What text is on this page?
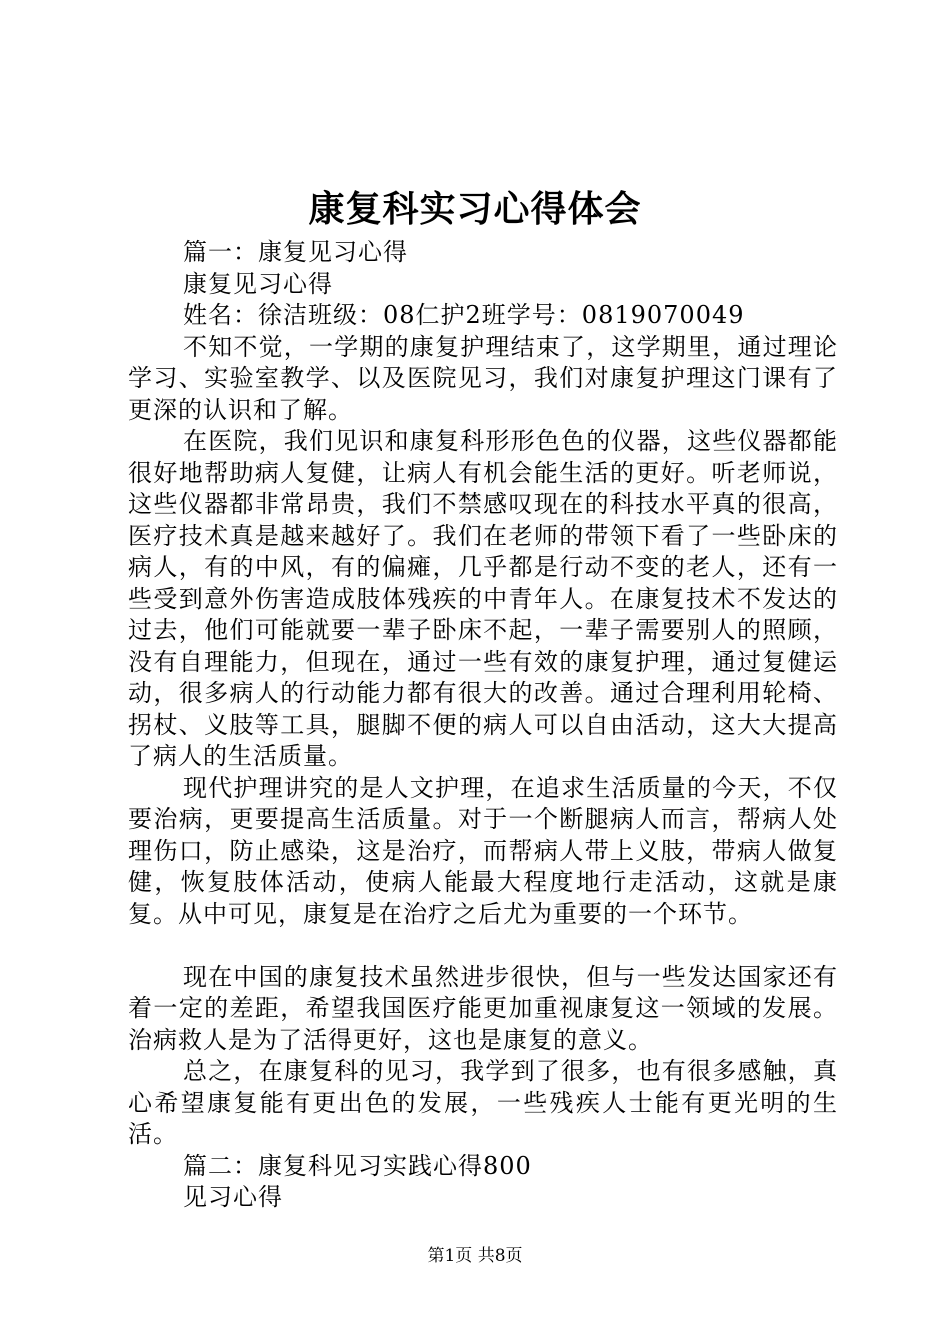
康复科实习心得体会

篇一：康复见习心得

康复见习心得

姓名：徐洁班级：08仁护2班学号：0819070049

不知不觉，一学期的康复护理结束了，这学期里，通过理论学习、实验室教学、以及医院见习，我们对康复护理这门课有了更深的认识和了解。

在医院，我们见识和康复科形形色色的仪器，这些仪器都能很好地帮助病人复健，让病人有机会能生活的更好。听老师说，这些仪器都非常昂贵，我们不禁感叹现在的科技水平真的很高，医疗技术真是越来越好了。我们在老师的带领下看了一些卧床的病人，有的中风，有的偏瘫，几乎都是行动不变的老人，还有一些受到意外伤害造成肢体残疾的中青年人。在康复技术不发达的过去，他们可能就要一辈子卧床不起，一辈子需要别人的照顾，没有自理能力，但现在，通过一些有效的康复护理，通过复健运动，很多病人的行动能力都有很大的改善。通过合理利用轮椅、拐杖、义肢等工具，腿脚不便的病人可以自由活动，这大大提高了病人的生活质量。

现代护理讲究的是人文护理，在追求生活质量的今天，不仅要治病，更要提高生活质量。对于一个断腿病人而言，帮病人处理伤口，防止感染，这是治疗，而帮病人带上义肢，带病人做复健，恢复肢体活动，使病人能最大程度地行走活动，这就是康复。从中可见，康复是在治疗之后尤为重要的一个环节。

现在中国的康复技术虽然进步很快，但与一些发达国家还有着一定的差距，希望我国医疗能更加重视康复这一领域的发展。治病救人是为了活得更好，这也是康复的意义。

总之，在康复科的见习，我学到了很多，也有很多感触，真心希望康复能有更出色的发展，一些残疾人士能有更光明的生活。

篇二：康复科见习实践心得800

见习心得

第1页 共8页
